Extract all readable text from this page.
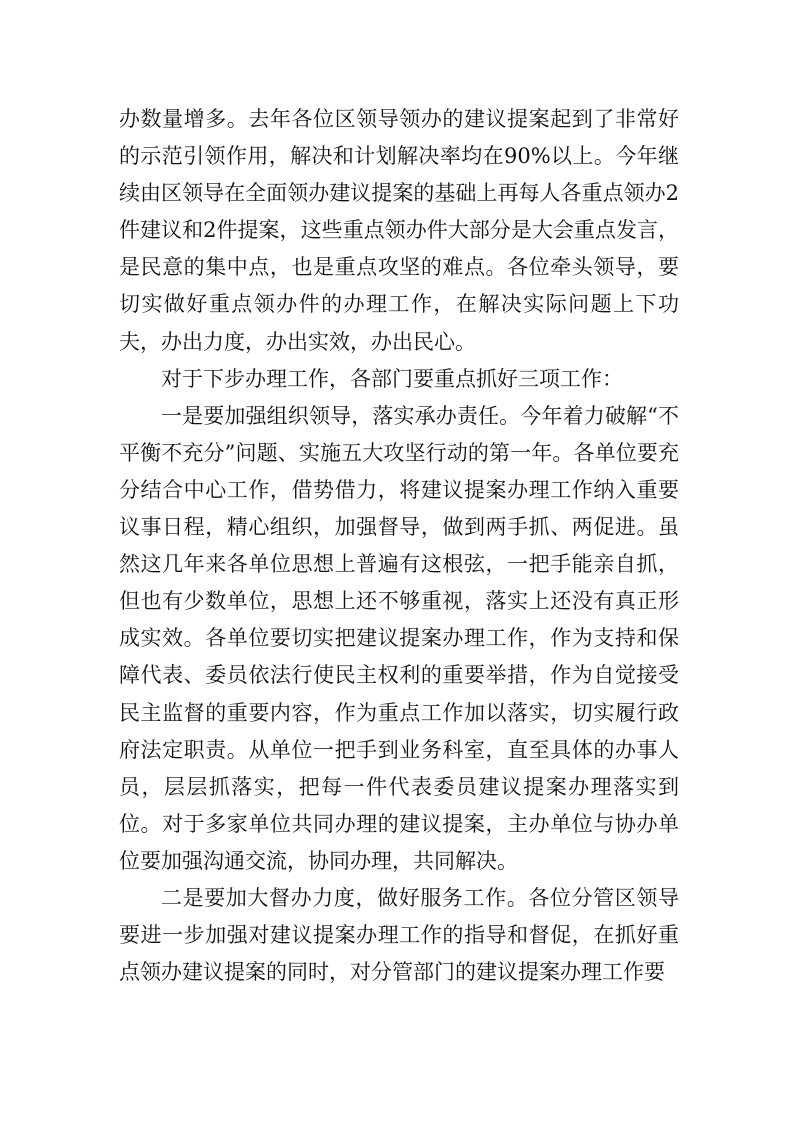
办数量增多。去年各位区领导领办的建议提案起到了非常好的示范引领作用，解决和计划解决率均在90%以上。今年继续由区领导在全面领办建议提案的基础上再每人各重点领办2件建议和2件提案，这些重点领办件大部分是大会重点发言，是民意的集中点，也是重点攻坚的难点。各位牵头领导，要切实做好重点领办件的办理工作，在解决实际问题上下功夫，办出力度，办出实效，办出民心。

对于下步办理工作，各部门要重点抓好三项工作：

一是要加强组织领导，落实承办责任。今年着力破解“不平衡不充分”问题、实施五大攻坚行动的第一年。各单位要充分结合中心工作，借势借力，将建议提案办理工作纳入重要议事日程，精心组织，加强督导，做到两手抓、两促进。虽然这几年来各单位思想上普遍有这根弦，一把手能亲自抓，但也有少数单位，思想上还不够重视，落实上还没有真正形成实效。各单位要切实把建议提案办理工作，作为支持和保障代表、委员依法行使民主权利的重要举措，作为自觉接受民主监督的重要内容，作为重点工作加以落实，切实履行政府法定职责。从单位一把手到业务科室，直至具体的办事人员，层层抓落实，把每一件代表委员建议提案办理落实到位。对于多家单位共同办理的建议提案，主办单位与协办单位要加强沟通交流，协同办理，共同解决。

二是要加大督办力度，做好服务工作。各位分管区领导要进一步加强对建议提案办理工作的指导和督促，在抓好重点领办建议提案的同时，对分管部门的建议提案办理工作要
